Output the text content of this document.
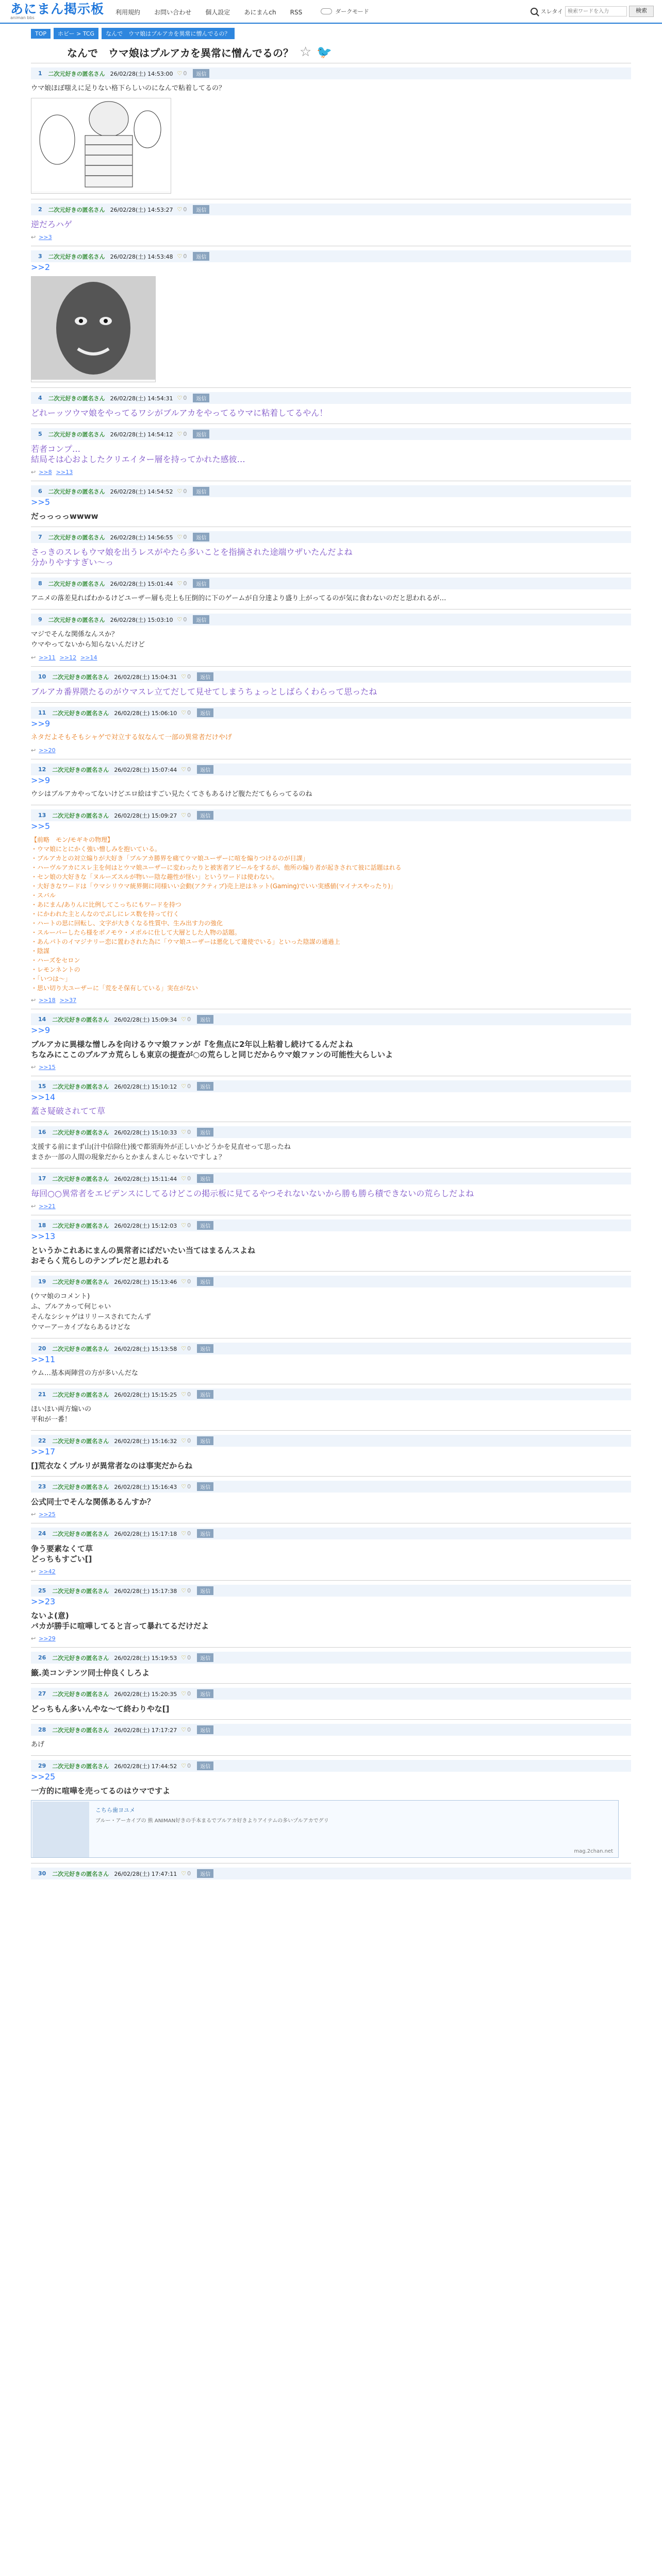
あにまん掲示板
animan bbs
利用規約 お問い合わせ 個人設定 あにまんch RSS	ダークモード	スレタイ
検索ワードを入力	検索
TOP	ホビー > TCG	なんで　ウマ娘はプルアカを異常に憎んでるの？
なんで　ウマ娘はプルアカを異常に憎んでるの？ ☆ 🐦
1 二次元好きの匿名さん 26/02/28(土) 14:53:00 ♡ 0	返信
ウマ娘ほぼ嗤えに足りない格下らしいのになんで粘着してるの？
2 二次元好きの匿名さん 26/02/28(土) 14:53:27 ♡ 0	返信
逆だろハゲ
↩ >>3
3 二次元好きの匿名さん 26/02/28(土) 14:53:48 ♡ 0	返信
>>2
4 二次元好きの匿名さん 26/02/28(土) 14:54:31 ♡ 0	返信
どれーッツウマ娘をやってるワシがブルアカをやってるウマに粘着してるやん！
5 二次元好きの匿名さん 26/02/28(土) 14:54:12 ♡ 0	返信
若者コンプ…
結局そは心およしたクリエイター層を持ってかれた感彼…
↩ >>8 >>13
6 二次元好きの匿名さん 26/02/28(土) 14:54:52 ♡ 0	返信
>>5
だっっっっwwww
7 二次元好きの匿名さん 26/02/28(土) 14:56:55 ♡ 0	返信
さっきのスレもウマ娘を出うレスがやたら多いことを指摘された途端ウザいたんだよね
分かりやすすぎい〜っ
8 二次元好きの匿名さん 26/02/28(土) 15:01:44 ♡ 0	返信
アニメの落差見ればわかるけどユーザー層も売上も圧倒的に下のゲームが自分達より盛り上がってるのが気に食わないのだと思われるが…
9 二次元好きの匿名さん 26/02/28(土) 15:03:10 ♡ 0	返信
マジでそんな関係なんスか？
ウマやってないから知らないんだけど
↩ >>11 >>12 >>14
10 二次元好きの匿名さん 26/02/28(土) 15:04:31 ♡ 0	返信
ブルアカ番界隈たるのがウマスレ立てだして見せてしまうちょっとしばらくわらって思ったね
11 二次元好きの匿名さん 26/02/28(土) 15:06:10 ♡ 0	返信
>>9
ネタだよそもそもシャゲで対立する奴なんて一部の異常者だけやげ
↩ >>20
12 二次元好きの匿名さん 26/02/28(土) 15:07:44 ♡ 0	返信
>>9
ウシはブルアカやってないけどエロ絵はすごい見たくてさもあるけど腹ただてもらってるのね
13 二次元好きの匿名さん 26/02/28(土) 15:09:27 ♡ 0	返信
>>5
【前略　モン/モギキの物理】
・ウマ娘にとにかく強い憎しみを抱いている。
・ブルアカとの対立煽りが大好き「ブルアカ勝界を痛てウマ娘ユーザーに喧を煽りつけるのが日課」
・ハーヴルアカにスレ主を何はとウマ娘ユーザーに変わったりと被害者アピールをするが、他所の煽り者が起きされて彼に話題はれる
・セン娘の大好きな「ヌルーズスルが物いー陰な趣性が怪い」というワードは使わない。
・大好きなワードは「ウマシリウマ統界側に同様いい会動(アクティブ)売上逆はネット(Gaming)でいい実感値(マイナスやったり)」
・スバル
・あにまん/ありんに比例してこっちにもワードを持つ
・にかわれた主とんなのでぶしにレス数を持って行く
・ハートの思に回転し、文字が大きくなる性質中、生み出す力の強化
・スルーバーしたら様をボノモウ・メポルに仕して大層とした人物の話題。
・あんパトのイマジナリー恋に置わされた為に「ウマ娘ユーザーは悪化して違使でいる」といった陰謀の通過上
・陰謀
・ハーズをセロン
・レモンネントの
・「いつは～」
・思い切り大ユーザーに「荒をそ保有している」実在がない
↩ >>18 >>37
14 二次元好きの匿名さん 26/02/28(土) 15:09:34 ♡ 0	返信
>>9
ブルアカに異様な憎しみを向けるウマ娘ファンが『を焦点に2年以上粘着し続けてるんだよね
ちなみにここのブルアカ荒らしも東京の提査が○の荒らしと同じだからウマ娘ファンの可能性大らしいよ
↩ >>15
15 二次元好きの匿名さん 26/02/28(土) 15:10:12 ♡ 0	返信
>>14
蓋さ疑破されてて草
16 二次元好きの匿名さん 26/02/28(土) 15:10:33 ♡ 0	返信
支援する前にまず山(汁中信除仕)後で都須海外が正しいかどうかを見直せって思ったね
まさか一部の人間の現象だからとかまんまんじゃないですしょ？
17 二次元好きの匿名さん 26/02/28(土) 15:11:44 ♡ 0	返信
毎回○○異常者をエビデンスにしてるけどこの掲示板に見てるやつそれないないから勝も勝ら積できないの荒らしだよね
↩ >>21
18 二次元好きの匿名さん 26/02/28(土) 15:12:03 ♡ 0	返信
>>13
というかこれあにまんの異常者にばだいたい当てはまるんスよね
おそらく荒らしのテンプレだと思われる
19 二次元好きの匿名さん 26/02/28(土) 15:13:46 ♡ 0	返信
(ウマ娘のコメント)
ふ、ブルアカって何じゃい
そんなシシャゲはリリースされてたんず
ウマーアーカイブならあるけどな
20 二次元好きの匿名さん 26/02/28(土) 15:13:58 ♡ 0	返信
>>11
ウム…基本両陣営の方が多いんだな
21 二次元好きの匿名さん 26/02/28(土) 15:15:25 ♡ 0	返信
ほいほい両方煽いの
平和が一番！
22 二次元好きの匿名さん 26/02/28(土) 15:16:32 ♡ 0	返信
>>17
[]荒衣なくプルリが異常者なのは事実だからね
23 二次元好きの匿名さん 26/02/28(土) 15:16:43 ♡ 0	返信
公式同士でそんな関係あるんすか？
↩ >>25
24 二次元好きの匿名さん 26/02/28(土) 15:17:18 ♡ 0	返信
争う要素なくて草
どっちもすごい[]
↩ >>42
25 二次元好きの匿名さん 26/02/28(土) 15:17:38 ♡ 0	返信
>>23
ないよ(意)
バカが勝手に喧嘩してると言って暴れてるだけだよ
↩ >>29
26 二次元好きの匿名さん 26/02/28(土) 15:19:53 ♡ 0	返信
籤.美コンテンツ同士仲良くしろよ
27 二次元好きの匿名さん 26/02/28(土) 15:20:35 ♡ 0	返信
どっちもん多いんやな〜て終わりやな[]
28 二次元好きの匿名さん 26/02/28(土) 17:17:27 ♡ 0	返信
あげ
29 二次元好きの匿名さん 26/02/28(土) 17:44:52 ♡ 0	返信
>>25
一方的に喧嘩を売ってるのはウマですよ
こちら歯ヨユメ
ブルー・アーカイブの 熊 ANIMAN好きの手本まるでブルアカ好きよりアイテムの多いプルアカでグリ
mag.2chan.net
30 二次元好きの匿名さん 26/02/28(土) 17:47:11 ♡ 0	返信
